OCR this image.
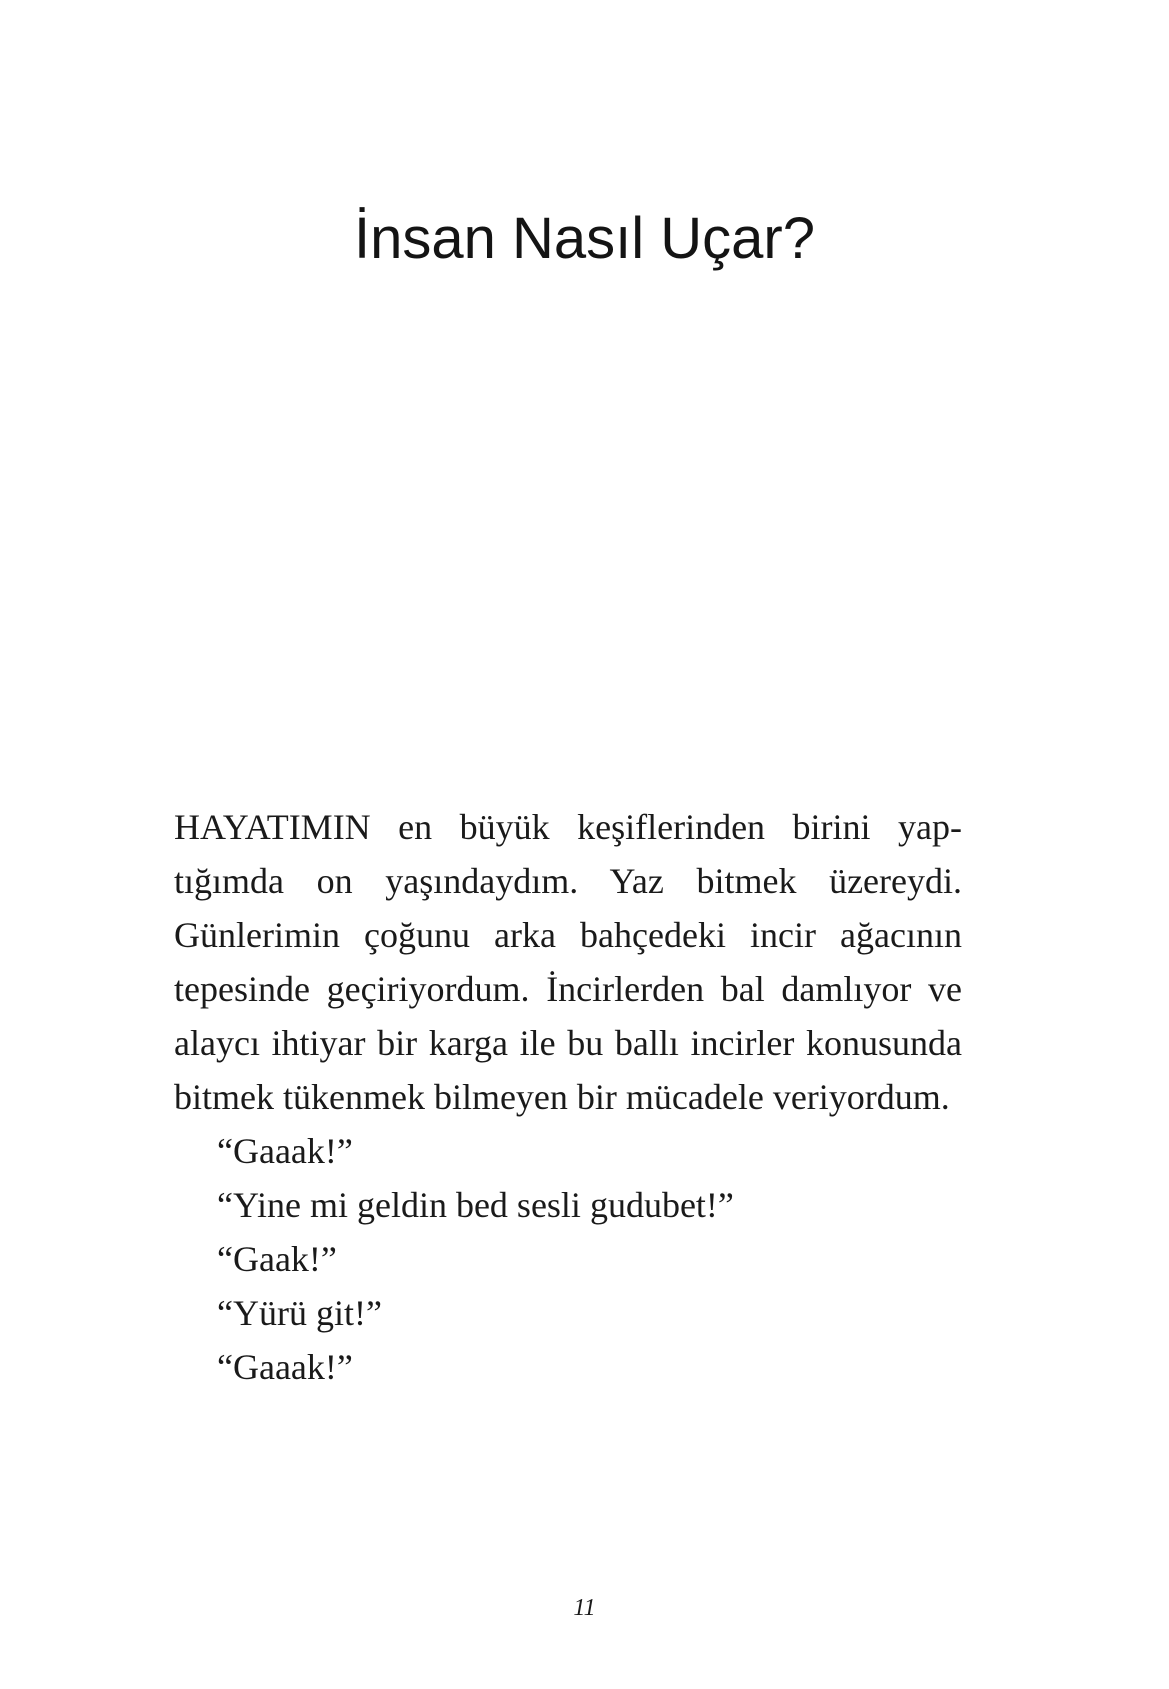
İnsan Nasıl Uçar?

HAYATIMIN en büyük keşiflerinden birini yaptığımda on yaşındaydım. Yaz bitmek üzereydi. Günlerimin çoğunu arka bahçedeki incir ağacının tepesinde geçiriyordum. İncirlerden bal damlıyor ve alaycı ihtiyar bir karga ile bu ballı incirler konusunda bitmek tükenmek bilmeyen bir mücadele veriyordum.

“Gaaak!”

“Yine mi geldin bed sesli gudubet!”

“Gaak!”

“Yürü git!”

“Gaaak!”

11
